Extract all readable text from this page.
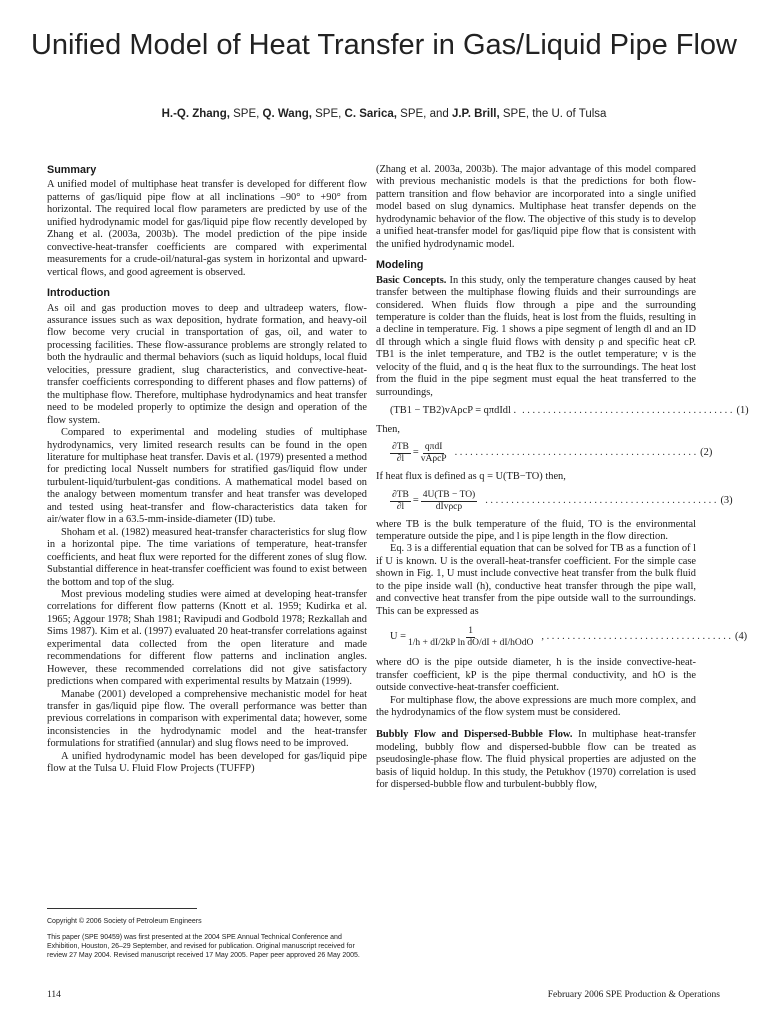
Unified Model of Heat Transfer in Gas/Liquid Pipe Flow
H.-Q. Zhang, SPE, Q. Wang, SPE, C. Sarica, SPE, and J.P. Brill, SPE, the U. of Tulsa
Summary

A unified model of multiphase heat transfer is developed for different flow patterns of gas/liquid pipe flow at all inclinations –90° to +90° from horizontal. The required local flow parameters are predicted by use of the unified hydrodynamic model for gas/liquid pipe flow recently developed by Zhang et al. (2003a, 2003b). The model prediction of the pipe inside convective-heat-transfer coefficients are compared with experimental measurements for a crude-oil/natural-gas system in horizontal and upward-vertical flows, and good agreement is observed.

Introduction

As oil and gas production moves to deep and ultradeep waters, flow-assurance issues such as wax deposition, hydrate formation, and heavy-oil flow become very crucial in transportation of gas, oil, and water to processing facilities. These flow-assurance problems are strongly related to both the hydraulic and thermal behaviors (such as liquid holdups, local fluid velocities, pressure gradient, slug characteristics, and convective-heat-transfer coefficients corresponding to different phases and flow patterns) of the multiphase flow. Therefore, multiphase hydrodynamics and heat transfer need to be modeled properly to optimize the design and operation of the flow system.

Compared to experimental and modeling studies of multiphase hydrodynamics, very limited research results can be found in the open literature for multiphase heat transfer. Davis et al. (1979) presented a method for predicting local Nusselt numbers for stratified gas/liquid flow under turbulent-liquid/turbulent-gas conditions. A mathematical model based on the analogy between momentum transfer and heat transfer was developed and tested using heat-transfer and flow-characteristics data taken for air/water flow in a 63.5-mm-inside-diameter (ID) tube.

Shoham et al. (1982) measured heat-transfer characteristics for slug flow in a horizontal pipe. The time variations of temperature, heat-transfer coefficients, and heat flux were reported for the different zones of slug flow. Substantial difference in heat-transfer coefficient was found to exist between the bottom and top of the slug.

Most previous modeling studies were aimed at developing heat-transfer correlations for different flow patterns (Knott et al. 1959; Kudirka et al. 1965; Aggour 1978; Shah 1981; Ravipudi and Godbold 1978; Rezkallah and Sims 1987). Kim et al. (1997) evaluated 20 heat-transfer correlations against experimental data collected from the open literature and made recommendations for different flow patterns and inclination angles. However, these recommended correlations did not give satisfactory predictions when compared with experimental results by Matzain (1999).

Manabe (2001) developed a comprehensive mechanistic model for heat transfer in gas/liquid pipe flow. The overall performance was better than previous correlations in comparison with experimental data; however, some inconsistencies in the hydrodynamic model and the heat-transfer formulations for stratified (annular) and slug flows need to be improved.

A unified hydrodynamic model has been developed for gas/liquid pipe flow at the Tulsa U. Fluid Flow Projects (TUFFP)

(Zhang et al. 2003a, 2003b). The major advantage of this model compared with previous mechanistic models is that the predictions for both flow-pattern transition and flow behavior are incorporated into a single unified model based on slug dynamics. Multiphase heat transfer depends on the hydrodynamic behavior of the flow. The objective of this study is to develop a unified heat-transfer model for gas/liquid pipe flow that is consistent with the unified hydrodynamic model.

Modeling

Basic Concepts. In this study, only the temperature changes caused by heat transfer between the multiphase flowing fluids and their surroundings are considered. When fluids flow through a pipe and the surrounding temperature is colder than the fluids, heat is lost from the fluids, resulting in a decline in temperature. Fig. 1 shows a pipe segment of length dl and an ID dI through which a single fluid flows with density ρ and specific heat cP. TB1 is the inlet temperature, and TB2 is the outlet temperature; v is the velocity of the fluid, and q is the heat flux to the surroundings. The heat lost from the fluid in the pipe segment must equal the heat transferred to the surroundings,

(TB1 − TB2)vAρcP = qπdIdl . . . . . . . . . . . . . . . . . . . . . . . . . . . . . . . . . . . . . . . . . . (1)

Then,

$\frac{\partial TB}{\partial l} = \frac{\text{qπdI}}{\text{vAρcP}}$ . . . . . . . . . . . . . . . . . . . . . . . . . . . . . . . . . . . . . . . . . . . . . . . (2)

If heat flux is defined as q = U(TB−TO) then,

$\frac{\partial TB}{\partial l} = \frac{4U(TB - TO)}{\text{dIvρcp}}$ . . . . . . . . . . . . . . . . . . . . . . . . . . . . . . . . . . . . . . . . . . . . . (3)

where TB is the bulk temperature of the fluid, TO is the environmental temperature outside the pipe, and l is pipe length in the flow direction.

Eq. 3 is a differential equation that can be solved for TB as a function of l if U is known. U is the overall-heat-transfer coefficient. For the simple case shown in Fig. 1, U must include convective heat transfer from the bulk fluid to the pipe inside wall (h), conductive heat transfer through the pipe wall, and convective heat transfer from the pipe outside wall to the surroundings. This can be expressed as

$U = \frac{1}{\text{1/h + dI/2kP ln dO/dI + dI/hOdO}}$ , . . . . . . . . . . . . . . . . . . . . . . . . . . . . . . . . . . . . (4)

where dO is the pipe outside diameter, h is the inside convective-heat-transfer coefficient, kP is the pipe thermal conductivity, and hO is the outside convective-heat-transfer coefficient.

For multiphase flow, the above expressions are much more complex, and the hydrodynamics of the flow system must be considered.

Bubbly Flow and Dispersed-Bubble Flow. In multiphase heat-transfer modeling, bubbly flow and dispersed-bubble flow can be treated as pseudosingle-phase flow. The fluid physical properties are adjusted on the basis of liquid holdup. In this study, the Petukhov (1970) correlation is used for dispersed-bubble flow and turbulent-bubbly flow,

Copyright © 2006 Society of Petroleum Engineers

This paper (SPE 90459) was first presented at the 2004 SPE Annual Technical Conference and Exhibition, Houston, 26–29 September, and revised for publication. Original manuscript received for review 27 May 2004. Revised manuscript received 17 May 2005. Paper peer approved 26 May 2005.

114	February 2006 SPE Production & Operations
